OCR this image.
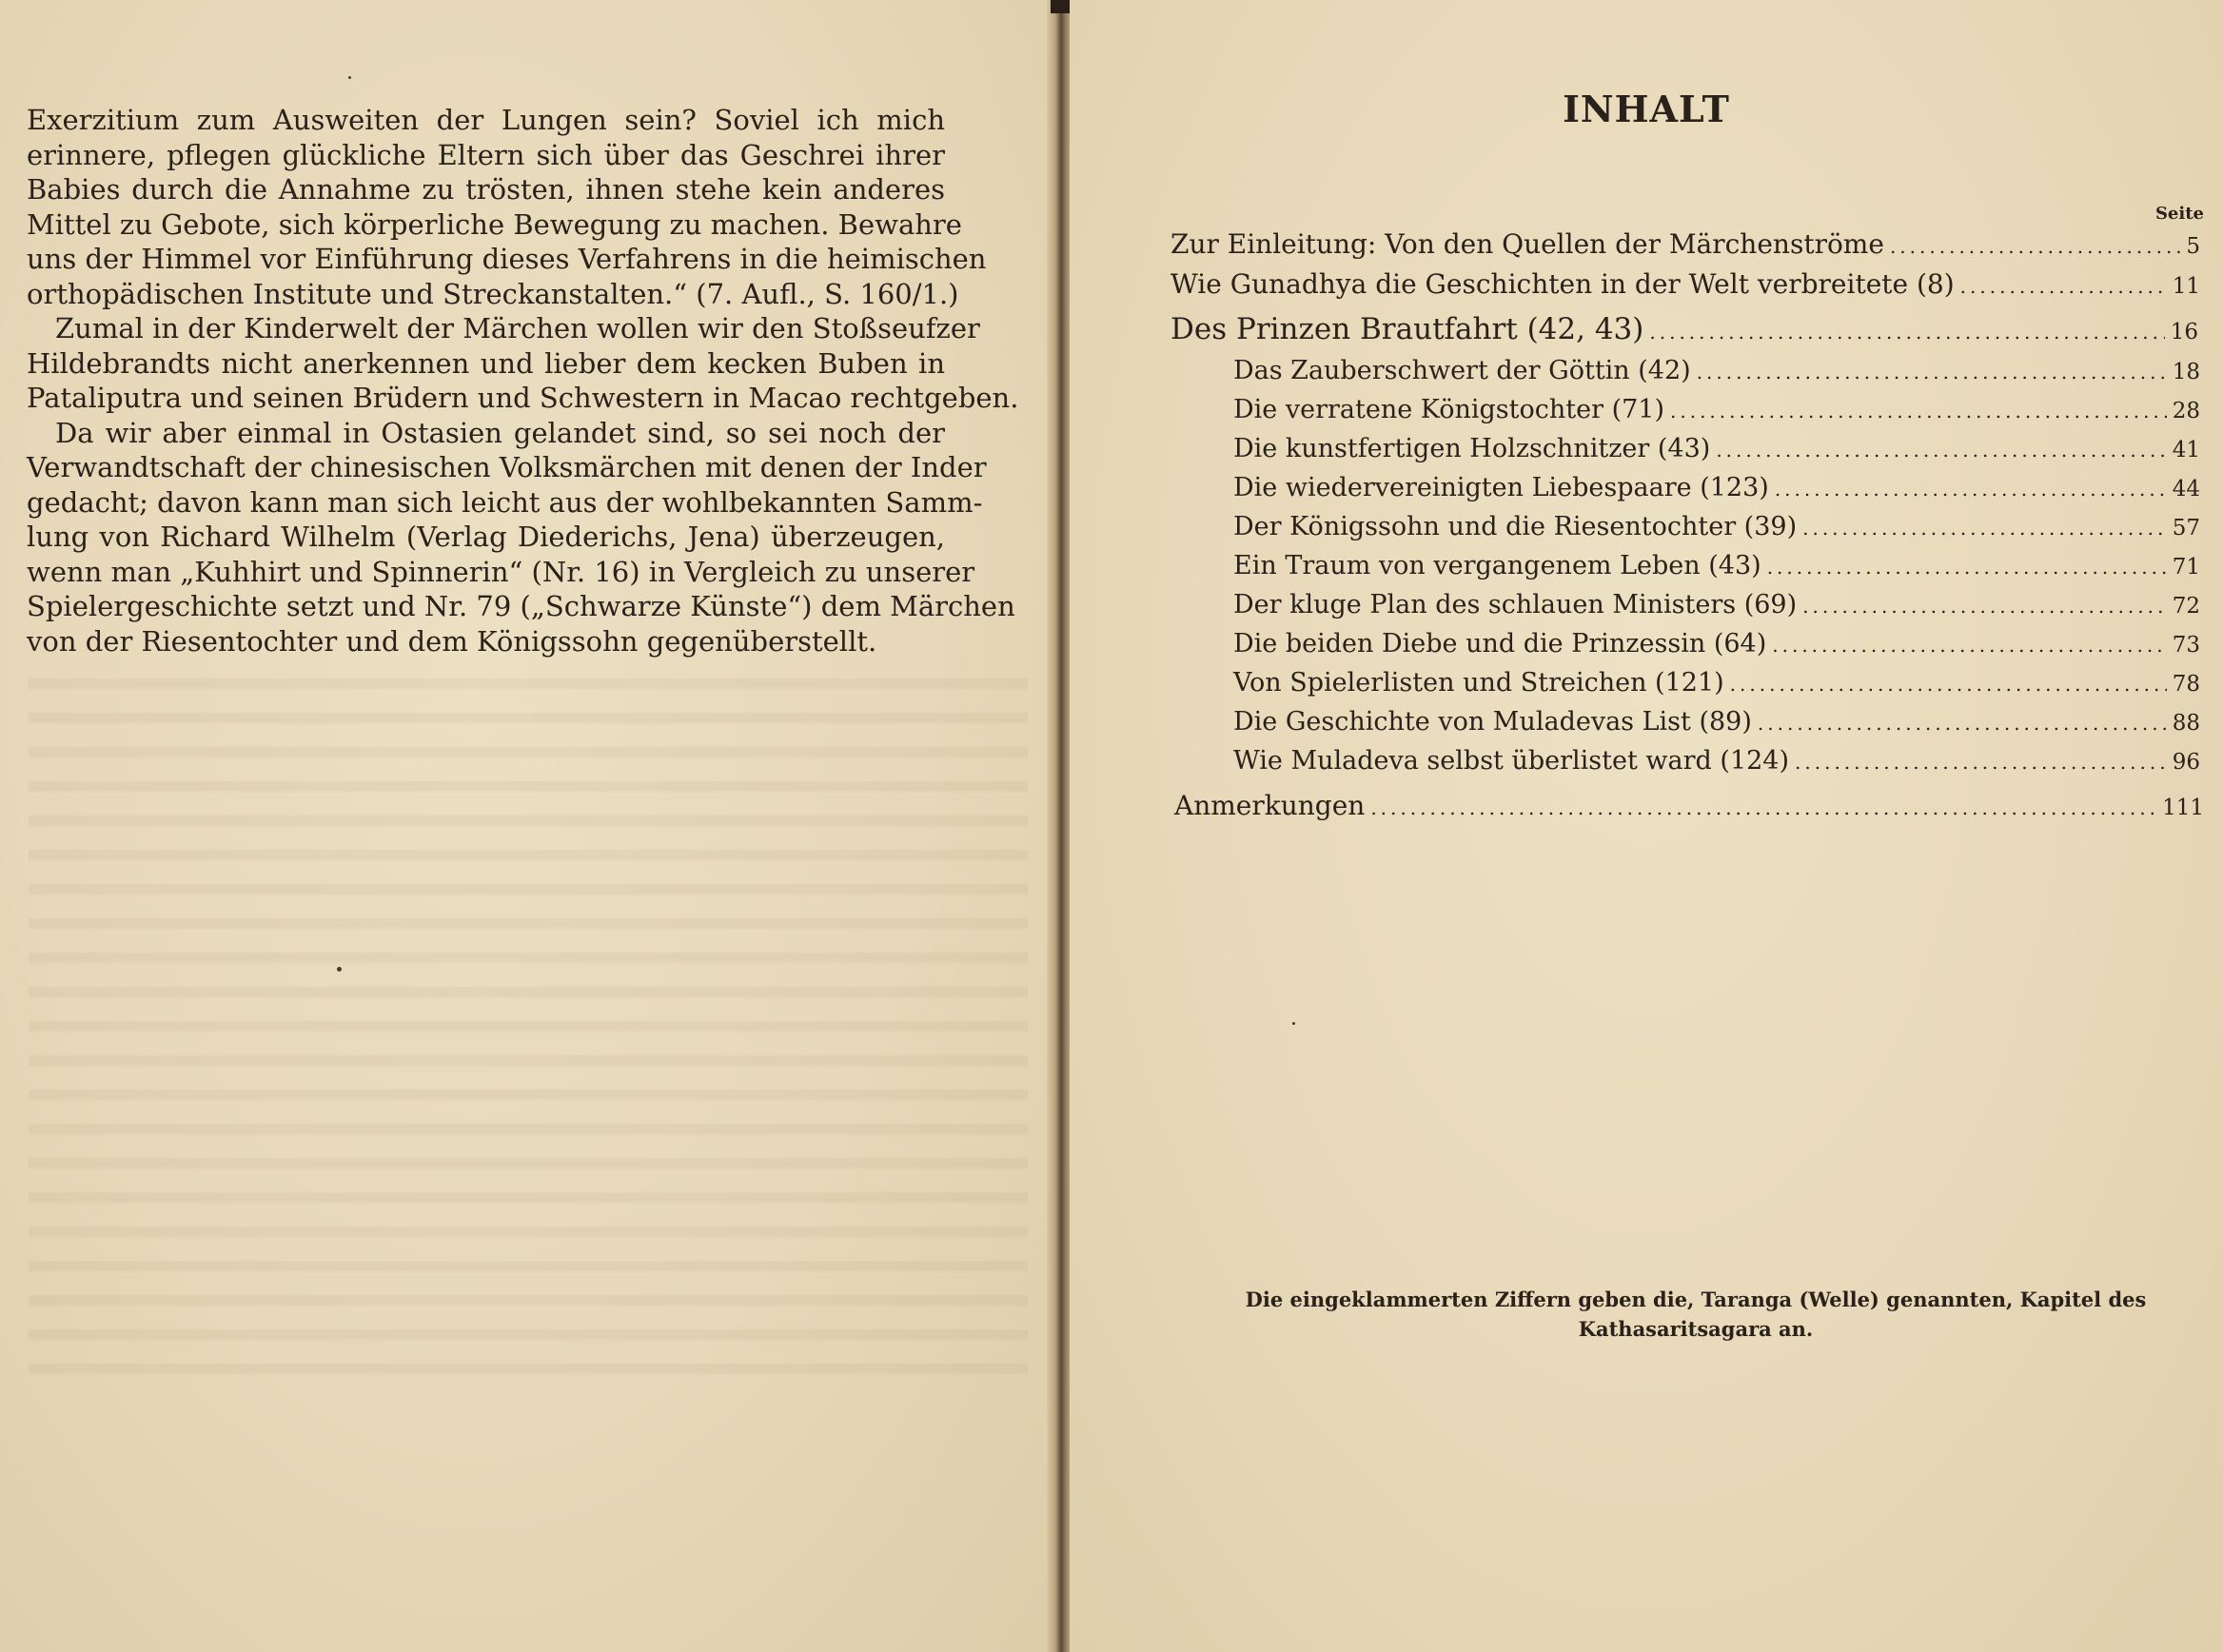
Exerzitium zum Ausweiten der Lungen sein? Soviel ich mich
erinnere, pflegen glückliche Eltern sich über das Geschrei ihrer
Babies durch die Annahme zu trösten, ihnen stehe kein anderes
Mittel zu Gebote, sich körperliche Bewegung zu machen. Bewahre
uns der Himmel vor Einführung dieses Verfahrens in die heimischen
orthopädischen Institute und Streckanstalten.“ (7. Aufl., S. 160/1.)
Zumal in der Kinderwelt der Märchen wollen wir den Stoßseufzer
Hildebrandts nicht anerkennen und lieber dem kecken Buben in
Pataliputra und seinen Brüdern und Schwestern in Macao rechtgeben.
Da wir aber einmal in Ostasien gelandet sind, so sei noch der
Verwandtschaft der chinesischen Volksmärchen mit denen der Inder
gedacht; davon kann man sich leicht aus der wohlbekannten Samm-
lung von Richard Wilhelm (Verlag Diederichs, Jena) überzeugen,
wenn man „Kuhhirt und Spinnerin“ (Nr. 16) in Vergleich zu unserer
Spielergeschichte setzt und Nr. 79 („Schwarze Künste“) dem Märchen
von der Riesentochter und dem Königssohn gegenüberstellt.
INHALT
Seite
Zur Einleitung: Von den Quellen der Märchenströme .....	5
Wie Gunadhya die Geschichten in der Welt verbreitete (8) .....	11
Des Prinzen Brautfahrt (42, 43) .....	16
Das Zauberschwert der Göttin (42) .....	18
Die verratene Königstochter (71) .....	28
Die kunstfertigen Holzschnitzer (43) .....	41
Die wiedervereinigten Liebespaare (123) .....	44
Der Königssohn und die Riesentochter (39) .....	57
Ein Traum von vergangenem Leben (43) .....	71
Der kluge Plan des schlauen Ministers (69) .....	72
Die beiden Diebe und die Prinzessin (64) .....	73
Von Spielerlisten und Streichen (121) .....	78
Die Geschichte von Muladevas List (89) .....	88
Wie Muladeva selbst überlistet ward (124) .....	96
Anmerkungen .....	111
Die eingeklammerten Ziffern geben die, Taranga (Welle) genannten, Kapitel des
Kathasaritsagara an.
